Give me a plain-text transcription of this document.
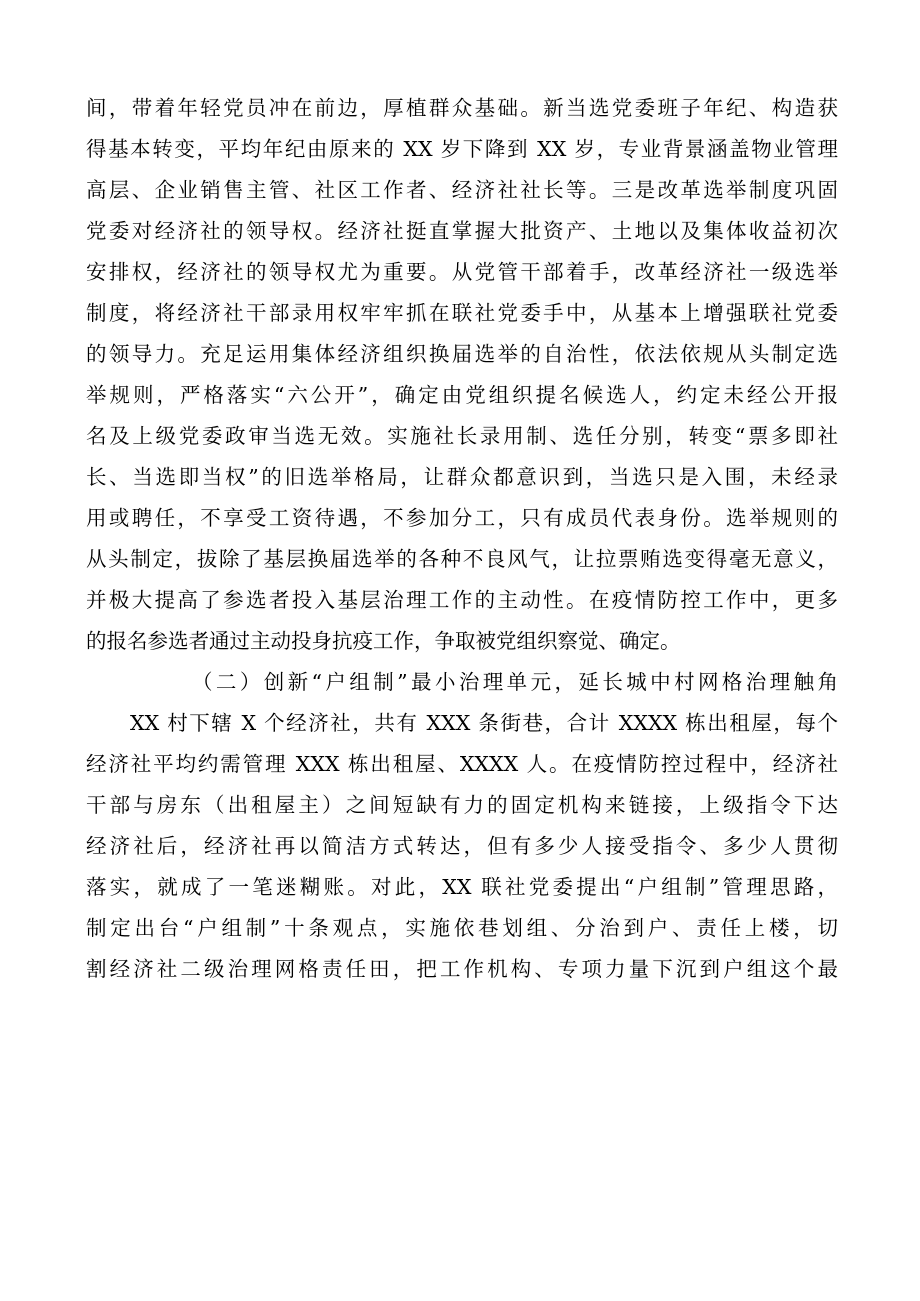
间，带着年轻党员冲在前边，厚植群众基础。新当选党委班子年纪、构造获
得基本转变，平均年纪由原来的 XX 岁下降到 XX 岁，专业背景涵盖物业管理
高层、企业销售主管、社区工作者、经济社社长等。三是改革选举制度巩固
党委对经济社的领导权。经济社挺直掌握大批资产、土地以及集体收益初次
安排权，经济社的领导权尤为重要。从党管干部着手，改革经济社一级选举
制度，将经济社干部录用权牢牢抓在联社党委手中，从基本上增强联社党委
的领导力。充足运用集体经济组织换届选举的自治性，依法依规从头制定选
举规则，严格落实“六公开”，确定由党组织提名候选人，约定未经公开报
名及上级党委政审当选无效。实施社长录用制、选任分别，转变“票多即社
长、当选即当权”的旧选举格局，让群众都意识到，当选只是入围，未经录
用或聘任，不享受工资待遇，不参加分工，只有成员代表身份。选举规则的
从头制定，拔除了基层换届选举的各种不良风气，让拉票贿选变得毫无意义，
并极大提高了参选者投入基层治理工作的主动性。在疫情防控工作中，更多
的报名参选者通过主动投身抗疫工作，争取被党组织察觉、确定。
（二）创新“户组制”最小治理单元，延长城中村网格治理触角
XX 村下辖 X 个经济社，共有 XXX 条街巷，合计 XXXX 栋出租屋，每个
经济社平均约需管理 XXX 栋出租屋、XXXX 人。在疫情防控过程中，经济社
干部与房东（出租屋主）之间短缺有力的固定机构来链接，上级指令下达
经济社后，经济社再以简洁方式转达，但有多少人接受指令、多少人贯彻
落实，就成了一笔迷糊账。对此，XX 联社党委提出“户组制”管理思路，
制定出台“户组制”十条观点，实施依巷划组、分治到户、责任上楼，切
割经济社二级治理网格责任田，把工作机构、专项力量下沉到户组这个最
